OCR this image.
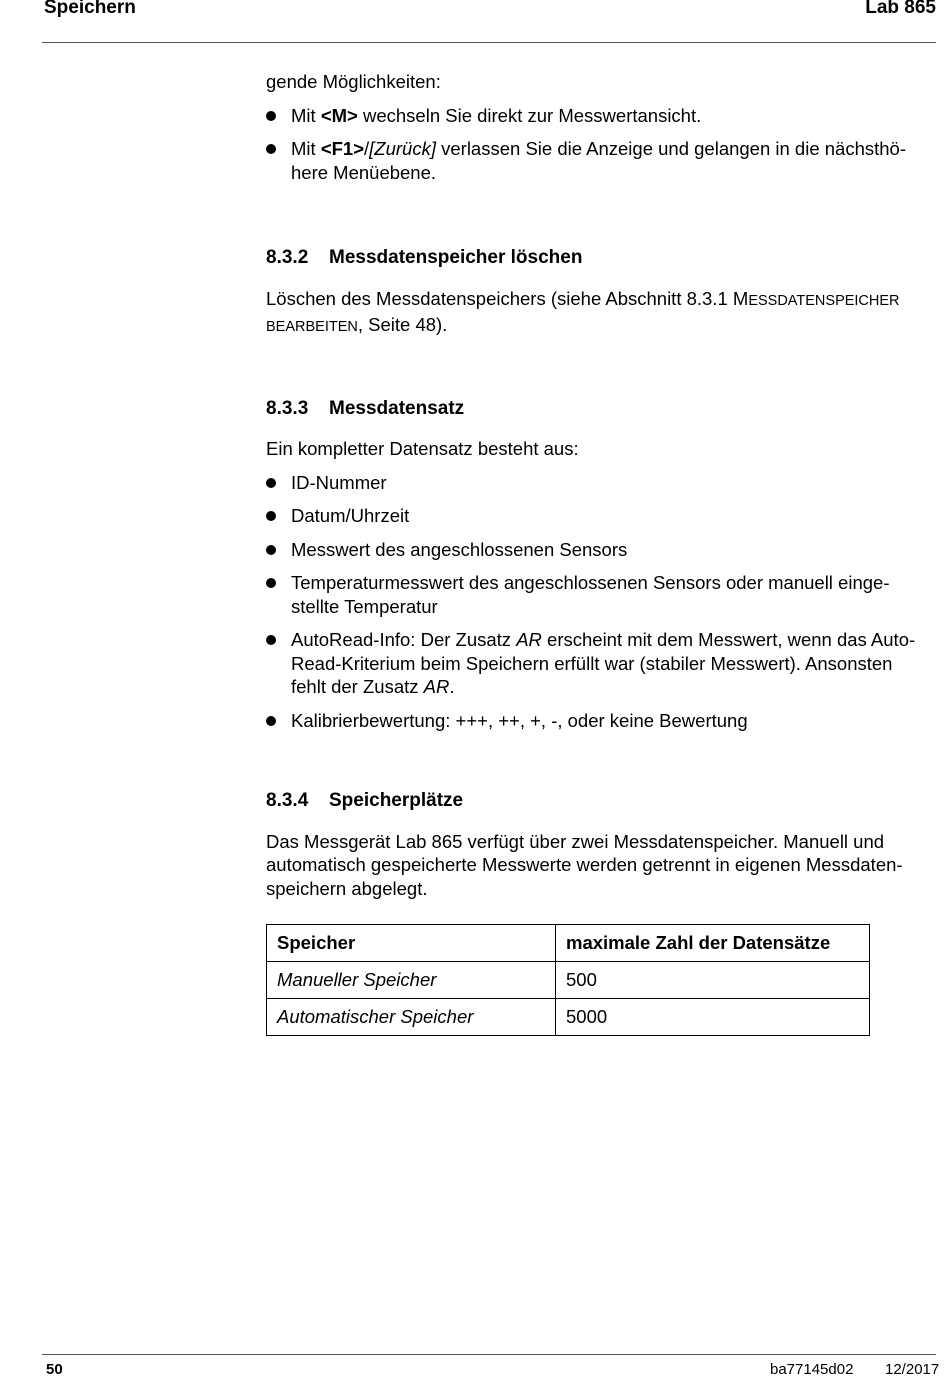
Speichern	Lab 865

gende Möglichkeiten:

Mit <M> wechseln Sie direkt zur Messwertansicht.
Mit <F1>/[Zurück] verlassen Sie die Anzeige und gelangen in die nächsthö-
here Menüebene.
8.3.2	Messdatenspeicher löschen

Löschen des Messdatenspeichers (siehe Abschnitt 8.3.1 MESSDATENSPEICHER
BEARBEITEN, Seite 48).

8.3.3	Messdatensatz

Ein kompletter Datensatz besteht aus:

ID-Nummer
Datum/Uhrzeit
Messwert des angeschlossenen Sensors
Temperaturmesswert des angeschlossenen Sensors oder manuell einge-
stellte Temperatur
AutoRead-Info: Der Zusatz AR erscheint mit dem Messwert, wenn das Auto-
Read-Kriterium beim Speichern erfüllt war (stabiler Messwert). Ansonsten
fehlt der Zusatz AR.
Kalibrierbewertung: +++, ++, +, -, oder keine Bewertung
8.3.4	Speicherplätze

Das Messgerät Lab 865 verfügt über zwei Messdatenspeicher. Manuell und
automatisch gespeicherte Messwerte werden getrennt in eigenen Messdaten-
speichern abgelegt.

Speicher	maximale Zahl der Datensätze
Manueller Speicher	500
Automatischer Speicher	5000
50	ba77145d02 12/2017
